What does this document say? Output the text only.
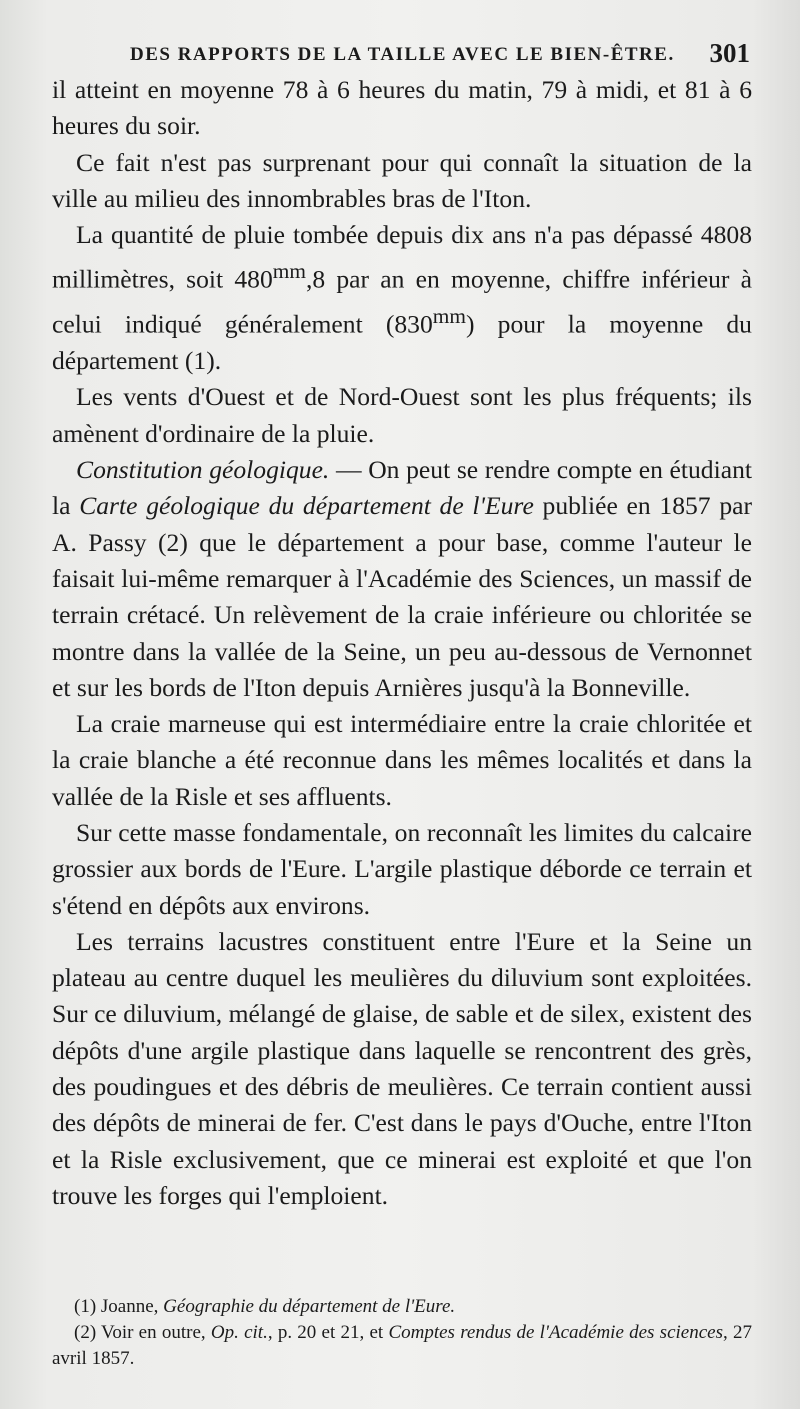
DES RAPPORTS DE LA TAILLE AVEC LE BIEN-ÊTRE. 301

il atteint en moyenne 78 à 6 heures du matin, 79 à midi, et 81 à 6 heures du soir.

Ce fait n'est pas surprenant pour qui connaît la situation de la ville au milieu des innombrables bras de l'Iton.

La quantité de pluie tombée depuis dix ans n'a pas dépassé 4808 millimètres, soit $480^{mm},8$ par an en moyenne, chiffre inférieur à celui indiqué généralement $(830^{mm})$ pour la moyenne du département (1).

Les vents d'Ouest et de Nord-Ouest sont les plus fréquents; ils amènent d'ordinaire de la pluie.

Constitution géologique. — On peut se rendre compte en étudiant la Carte géologique du département de l'Eure publiée en 1857 par A. Passy (2) que le département a pour base, comme l'auteur le faisait lui-même remarquer à l'Académie des Sciences, un massif de terrain crétacé. Un relèvement de la craie inférieure ou chloritée se montre dans la vallée de la Seine, un peu au-dessous de Vernonnet et sur les bords de l'Iton depuis Arnières jusqu'à la Bonneville.

La craie marneuse qui est intermédiaire entre la craie chloritée et la craie blanche a été reconnue dans les mêmes localités et dans la vallée de la Risle et ses affluents.

Sur cette masse fondamentale, on reconnaît les limites du calcaire grossier aux bords de l'Eure. L'argile plastique déborde ce terrain et s'étend en dépôts aux environs.

Les terrains lacustres constituent entre l'Eure et la Seine un plateau au centre duquel les meulières du diluvium sont exploitées. Sur ce diluvium, mélangé de glaise, de sable et de silex, existent des dépôts d'une argile plastique dans laquelle se rencontrent des grès, des poudingues et des débris de meulières. Ce terrain contient aussi des dépôts de minerai de fer. C'est dans le pays d'Ouche, entre l'Iton et la Risle exclusivement, que ce minerai est exploité et que l'on trouve les forges qui l'emploient.

(1) Joanne, Géographie du département de l'Eure.

(2) Voir en outre, Op. cit., p. 20 et 21, et Comptes rendus de l'Académie des sciences, 27 avril 1857.
